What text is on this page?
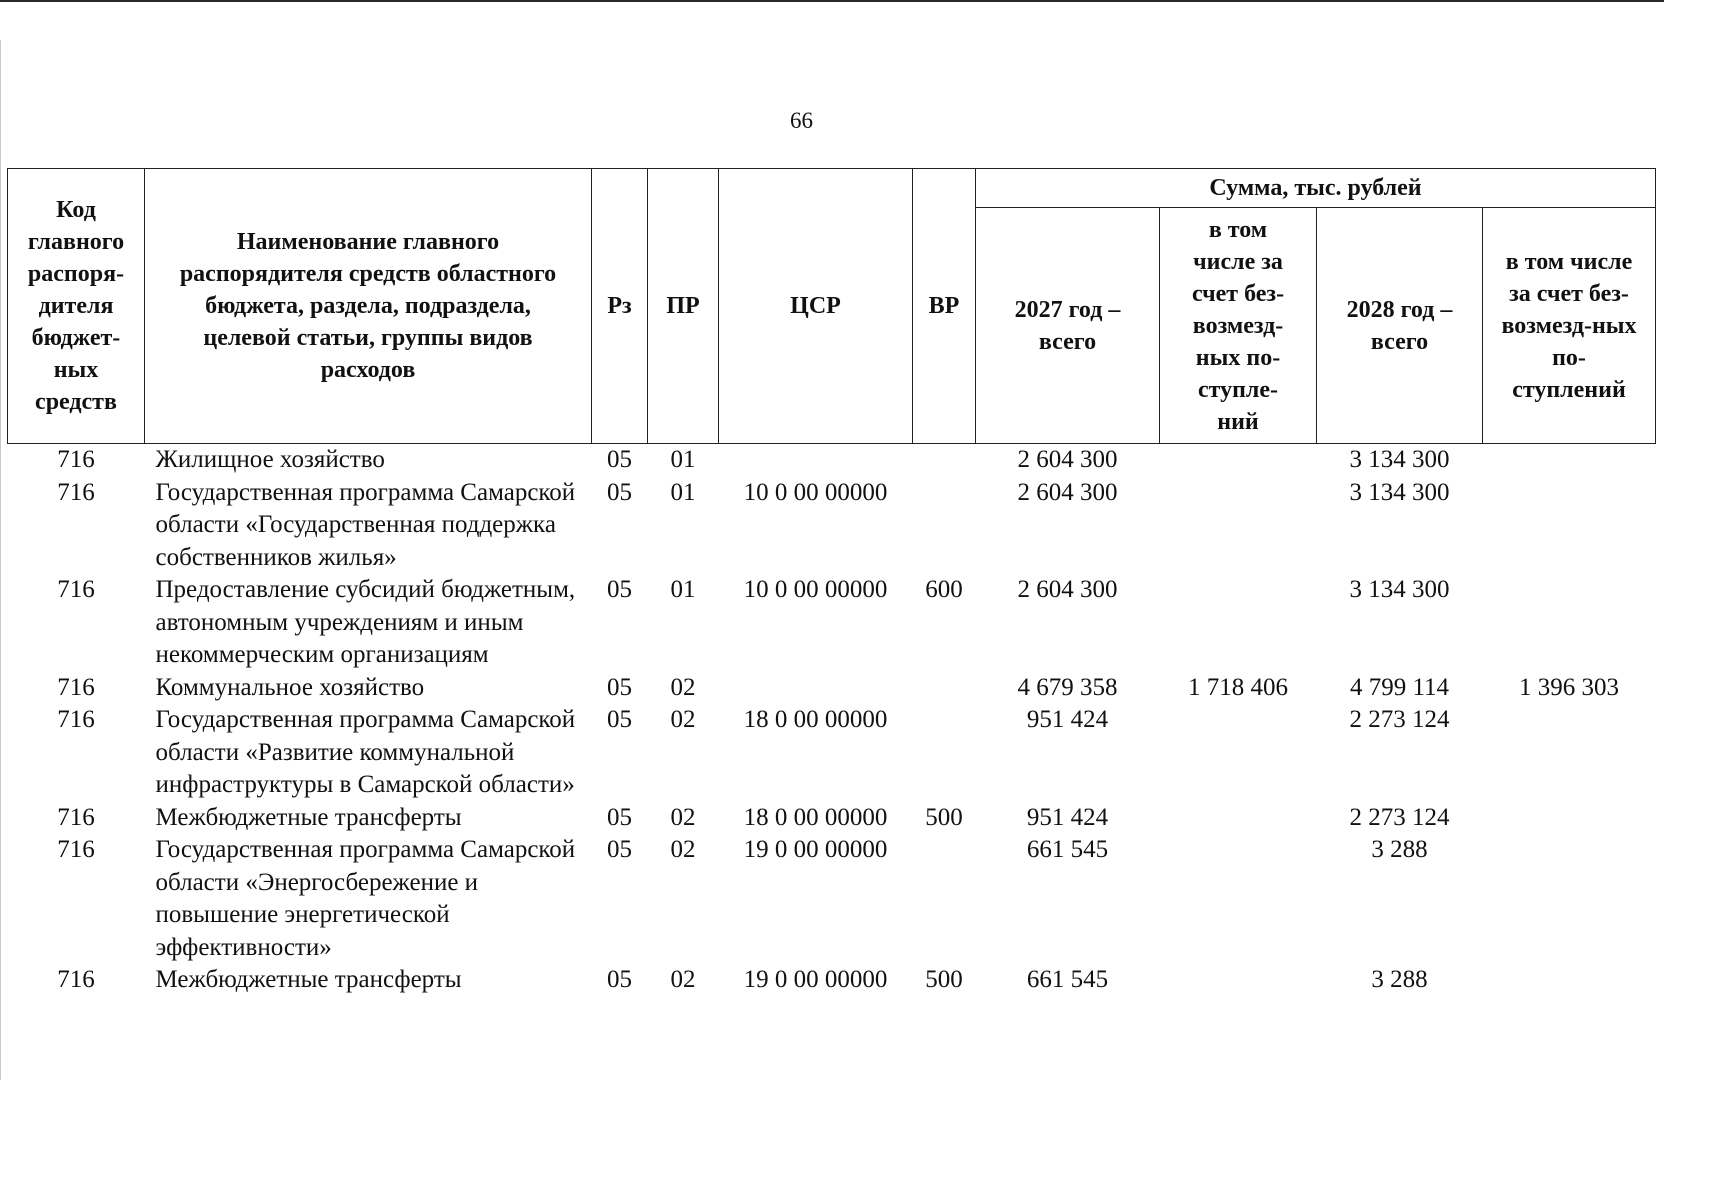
66
Код главного распоря-дителя бюджет-ных средств	Наименование главного распорядителя средств областного бюджета, раздела, подраздела, целевой статьи, группы видов расходов	Рз	ПР	ЦСР	ВР	Сумма, тыс. рублей			
						2027 год – всего	в том числе за счет без-возмезд-ных по-ступле-ний	2028 год – всего	в том числе за счет без-возмезд-ных по-ступлений
716	Жилищное хозяйство	05	01			2 604 300		3 134 300	
716	Государственная программа Самарской области «Государственная поддержка собственников жилья»	05	01	10 0 00 00000		2 604 300		3 134 300	
716	Предоставление субсидий бюджетным, автономным учреждениям и иным некоммерческим организациям	05	01	10 0 00 00000	600	2 604 300		3 134 300	
716	Коммунальное хозяйство	05	02			4 679 358	1 718 406	4 799 114	1 396 303
716	Государственная программа Самарской области «Развитие коммунальной инфраструктуры в Самарской области»	05	02	18 0 00 00000		951 424		2 273 124	
716	Межбюджетные трансферты	05	02	18 0 00 00000	500	951 424		2 273 124	
716	Государственная программа Самарской области «Энергосбережение и повышение энергетической эффективности»	05	02	19 0 00 00000		661 545		3 288	
716	Межбюджетные трансферты	05	02	19 0 00 00000	500	661 545		3 288	
